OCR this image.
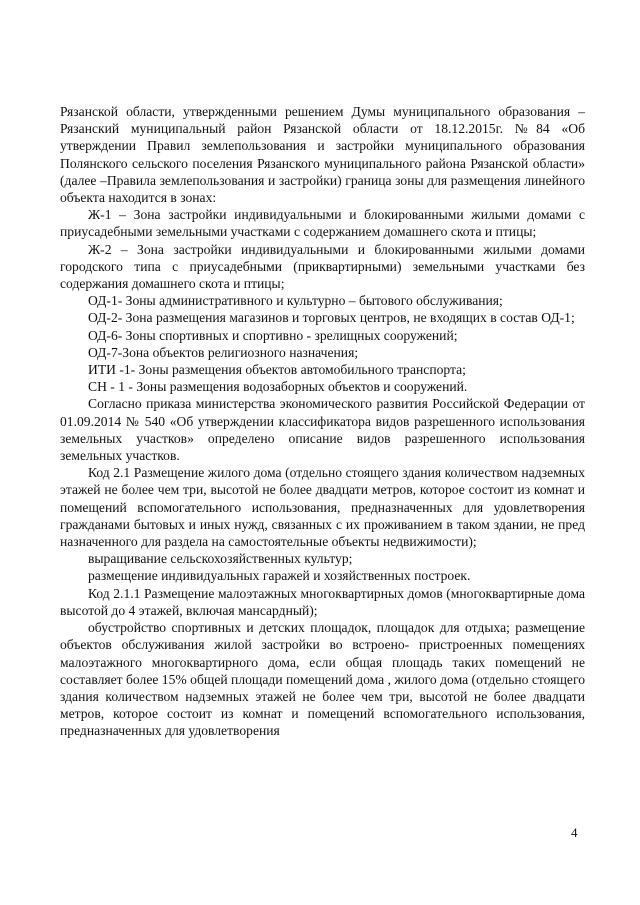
Рязанской области, утвержденными решением Думы муниципального образования – Рязанский муниципальный район Рязанской области от 18.12.2015г. №84 «Об утверждении Правил землепользования и застройки муниципального образования Полянского сельского поселения Рязанского муниципального района Рязанской области» (далее –Правила землепользования и застройки) граница зоны для размещения линейного объекта находится в зонах:

Ж-1 – Зона застройки индивидуальными и блокированными жилыми домами с приусадебными земельными участками с содержанием домашнего скота и птицы;

Ж-2 – Зона застройки индивидуальными и блокированными жилыми домами городского типа с приусадебными (приквартирными) земельными участками без содержания домашнего скота и птицы;

ОД-1- Зоны административного и культурно – бытового обслуживания;

ОД-2- Зона размещения магазинов и торговых центров, не входящих в состав ОД-1;

ОД-6- Зоны спортивных и спортивно - зрелищных сооружений;

ОД-7-Зона объектов религиозного назначения;

ИТИ -1- Зоны размещения объектов автомобильного транспорта;

СН - 1 - Зоны размещения водозаборных объектов и сооружений.

Согласно приказа министерства экономического развития Российской Федерации от 01.09.2014 № 540 «Об утверждении классификатора видов разрешенного использования земельных участков» определено описание видов разрешенного использования земельных участков.

Код 2.1 Размещение жилого дома (отдельно стоящего здания количеством надземных этажей не более чем три, высотой не более двадцати метров, которое состоит из комнат и помещений вспомогательного использования, предназначенных для удовлетворения гражданами бытовых и иных нужд, связанных с их проживанием в таком здании, не пред назначенного для раздела на самостоятельные объекты недвижимости);

выращивание сельскохозяйственных культур;

размещение индивидуальных гаражей и хозяйственных построек.

Код 2.1.1 Размещение малоэтажных многоквартирных домов (многоквартирные дома высотой до 4 этажей, включая мансардный);

обустройство спортивных и детских площадок, площадок для отдыха; размещение объектов обслуживания жилой застройки во встроено- пристроенных помещениях малоэтажного многоквартирного дома, если общая площадь таких помещений не составляет более 15% общей площади помещений дома , жилого дома (отдельно стоящего здания количеством надземных этажей не более чем три, высотой не более двадцати метров, которое состоит из комнат и помещений вспомогательного использования, предназначенных для удовлетворения

4
